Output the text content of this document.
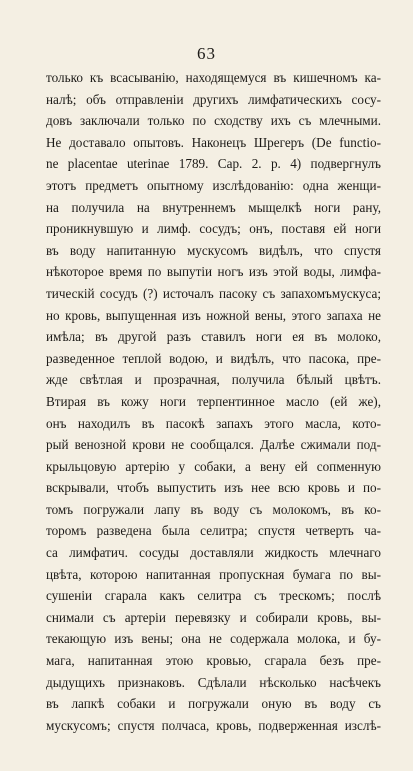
63
только къ всасыванію, находящемуся въ кишечномъ ка-
налѣ; объ отправленіи другихъ лимфатическихъ сосу-
довъ заключали только по сходству ихъ съ млечными.
Не доставало опытовъ. Наконецъ Шрегеръ (De functio-
ne placentae uterinae 1789. Cap. 2. p. 4) подвергнулъ
этотъ предметъ опытному изслѣдованію: одна женщи-
на получила на внутреннемъ мыщелкѣ ноги рану,
проникнувшую и лимф. сосудъ; онъ, поставя ей ноги
въ воду напитанную мускусомъ видѣлъ, что спустя
нѣкоторое время по выпутіи ногъ изъ этой воды, лимфа-
тическій сосудъ (?) источалъ пасоку съ запахомъмускуса;
но кровь, выпущенная изъ ножной вены, этого запаха не
имѣла; въ другой разъ ставилъ ноги ея въ молоко,
разведенное теплой водою, и видѣлъ, что пасока, пре-
жде свѣтлая и прозрачная, получила бѣлый цвѣтъ.
Втирая въ кожу ноги терпентинное масло (ей же),
онъ находилъ въ пасокѣ запахъ этого масла, кото-
рый венозной крови не сообщался. Далѣе сжимали под-
крыльцовую артерію у собаки, а вену ей сопменную
вскрывали, чтобъ выпустить изъ нее всю кровь и по-
томъ погружали лапу въ воду съ молокомъ, въ ко-
торомъ разведена была селитра; спустя четверть ча-
са лимфатич. сосуды доставляли жидкость млечнаго
цвѣта, которою напитанная пропускная бумага по вы-
сушеніи сгарала какъ селитра съ трескомъ; послѣ
снимали съ артеріи перевязку и собирали кровь, вы-
текающую изъ вены; она не содержала молока, и бу-
мага, напитанная этою кровью, сгарала безъ пре-
дыдущихъ признаковъ. Сдѣлали нѣсколько насѣчекъ
въ лапкѣ собаки и погружали оную въ воду съ
мускусомъ; спустя полчаса, кровь, подверженная изслѣ-
